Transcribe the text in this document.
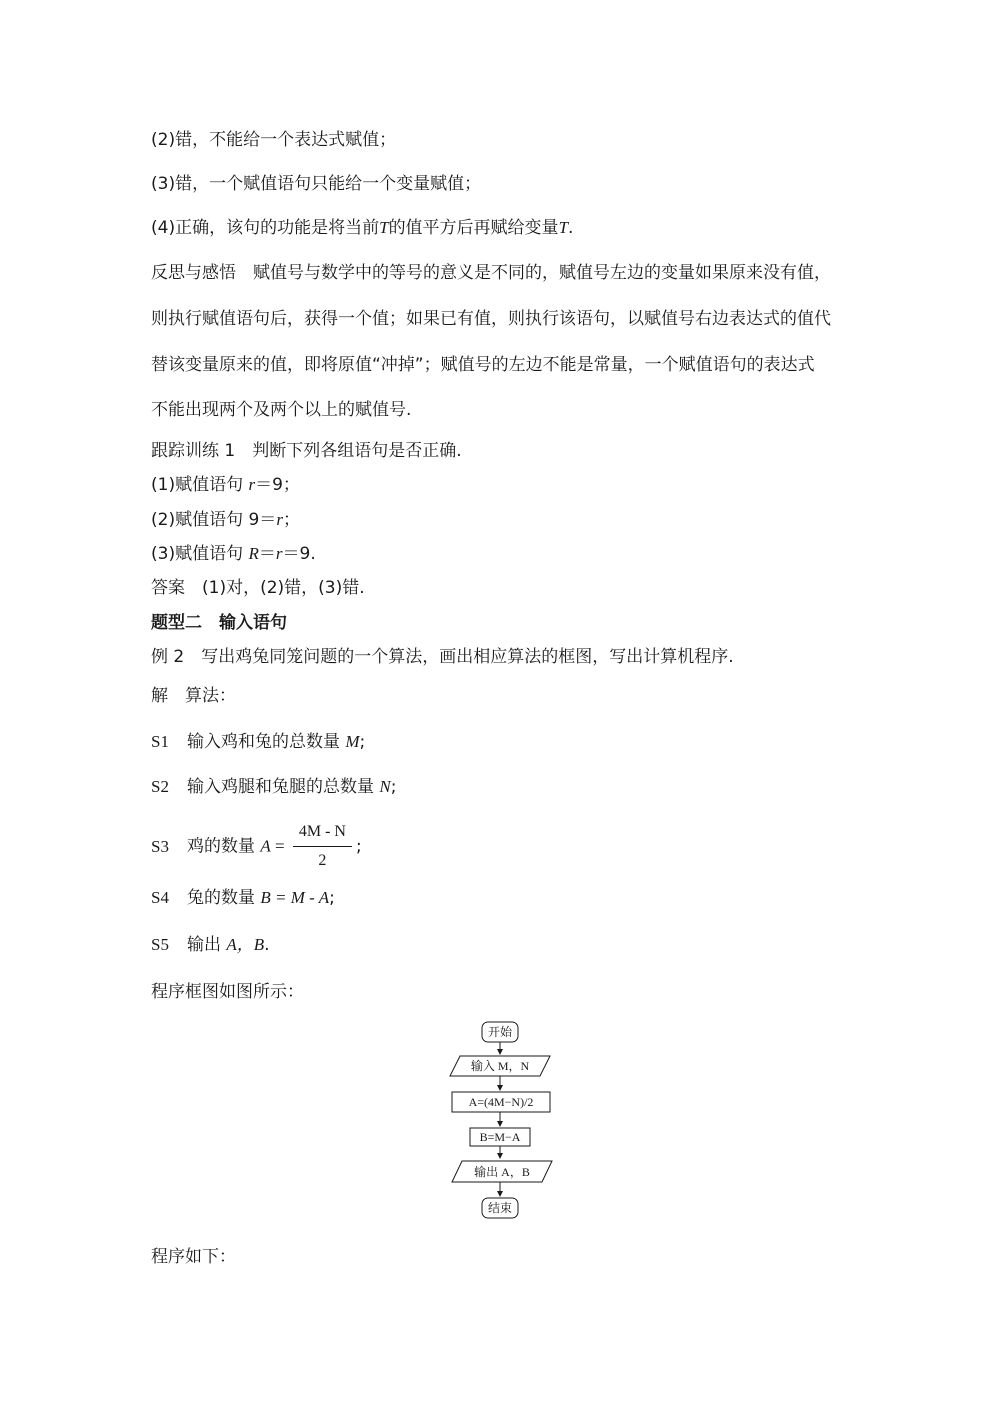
(2)错，不能给一个表达式赋值；
(3)错，一个赋值语句只能给一个变量赋值；
(4)正确，该句的功能是将当前T的值平方后再赋给变量T.
反思与感悟　赋值号与数学中的等号的意义是不同的，赋值号左边的变量如果原来没有值，
则执行赋值语句后，获得一个值；如果已有值，则执行该语句，以赋值号右边表达式的值代
替该变量原来的值，即将原值“冲掉”；赋值号的左边不能是常量，一个赋值语句的表达式
不能出现两个及两个以上的赋值号.
跟踪训练 1　判断下列各组语句是否正确.
(1)赋值语句 r＝9；
(2)赋值语句 9＝r；
(3)赋值语句 R＝r＝9.
答案　(1)对，(2)错，(3)错.
题型二　输入语句
例 2　写出鸡兔同笼问题的一个算法，画出相应算法的框图，写出计算机程序.
解　算法：
S1 输入鸡和兔的总数量 M;
S2 输入鸡腿和兔腿的总数量 N;
S3 鸡的数量 $A = \frac{4M - N}{2}$ ;
S4 兔的数量 B = M - A;
S5 输出 A，B.
程序框图如图所示：
开始
输入 M，N
A=(4M−N)/2
B=M−A
输出 A，B
结束
程序如下：
